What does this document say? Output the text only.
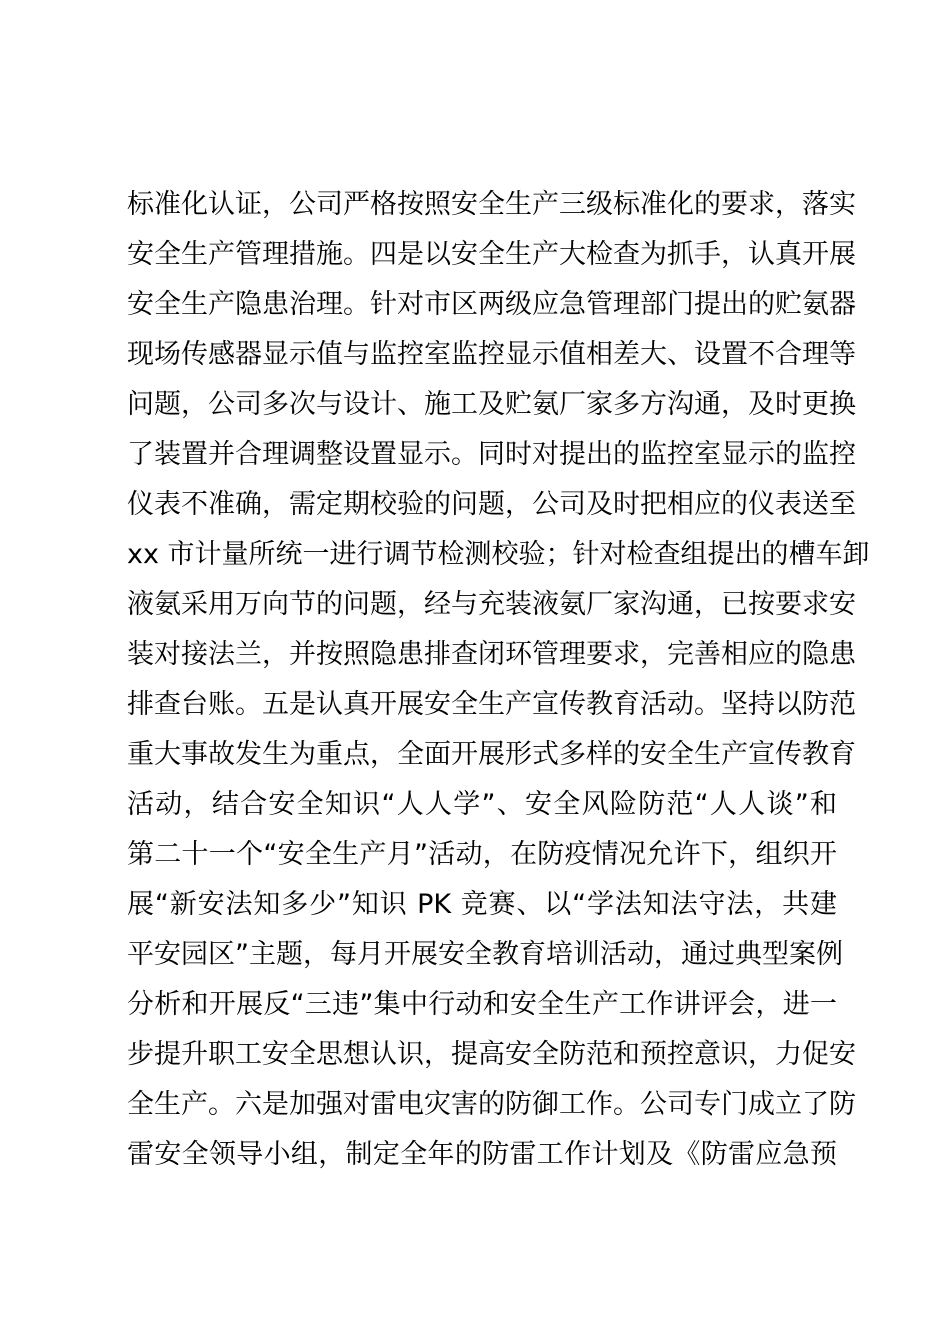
标准化认证，公司严格按照安全生产三级标准化的要求，落实
安全生产管理措施。四是以安全生产大检查为抓手，认真开展
安全生产隐患治理。针对市区两级应急管理部门提出的贮氨器
现场传感器显示值与监控室监控显示值相差大、设置不合理等
问题，公司多次与设计、施工及贮氨厂家多方沟通，及时更换
了装置并合理调整设置显示。同时对提出的监控室显示的监控
仪表不准确，需定期校验的问题，公司及时把相应的仪表送至
xx 市计量所统一进行调节检测校验；针对检查组提出的槽车卸
液氨采用万向节的问题，经与充装液氨厂家沟通，已按要求安
装对接法兰，并按照隐患排查闭环管理要求，完善相应的隐患
排查台账。五是认真开展安全生产宣传教育活动。坚持以防范
重大事故发生为重点，全面开展形式多样的安全生产宣传教育
活动，结合安全知识“人人学”、安全风险防范“人人谈”和
第二十一个“安全生产月”活动，在防疫情况允许下，组织开
展“新安法知多少”知识 PK 竞赛、以“学法知法守法，共建
平安园区”主题，每月开展安全教育培训活动，通过典型案例
分析和开展反“三违”集中行动和安全生产工作讲评会，进一
步提升职工安全思想认识，提高安全防范和预控意识，力促安
全生产。六是加强对雷电灾害的防御工作。公司专门成立了防
雷安全领导小组，制定全年的防雷工作计划及《防雷应急预
